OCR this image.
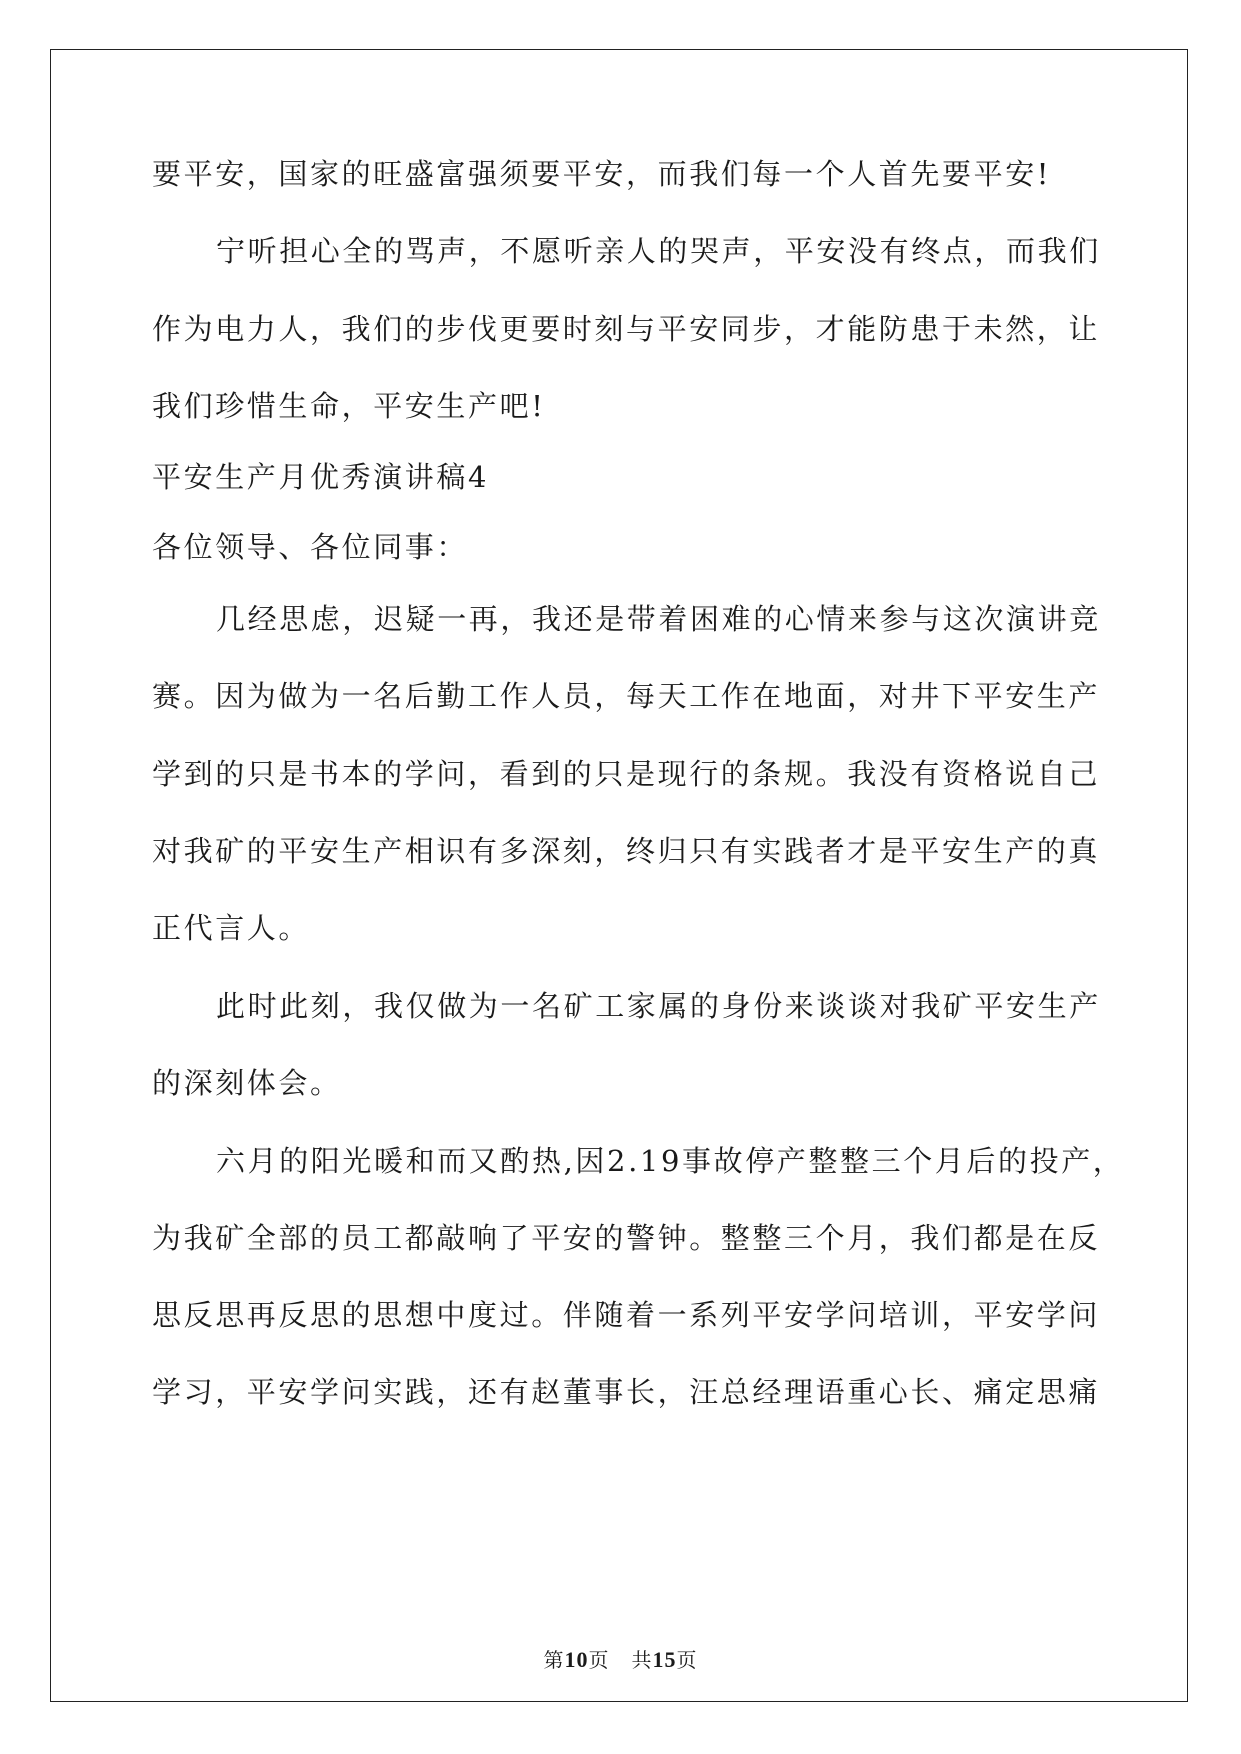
要平安，国家的旺盛富强须要平安，而我们每一个人首先要平安!
宁听担心全的骂声，不愿听亲人的哭声，平安没有终点，而我们
作为电力人，我们的步伐更要时刻与平安同步，才能防患于未然，让
我们珍惜生命，平安生产吧!
平安生产月优秀演讲稿4
各位领导、各位同事：
几经思虑，迟疑一再，我还是带着困难的心情来参与这次演讲竞
赛。因为做为一名后勤工作人员，每天工作在地面，对井下平安生产
学到的只是书本的学问，看到的只是现行的条规。我没有资格说自己
对我矿的平安生产相识有多深刻，终归只有实践者才是平安生产的真
正代言人。
此时此刻，我仅做为一名矿工家属的身份来谈谈对我矿平安生产
的深刻体会。
六月的阳光暖和而又酌热,因2.19事故停产整整三个月后的投产，
为我矿全部的员工都敲响了平安的警钟。整整三个月，我们都是在反
思反思再反思的思想中度过。伴随着一系列平安学问培训，平安学问
学习，平安学问实践，还有赵董事长，汪总经理语重心长、痛定思痛
第10页 共15页
